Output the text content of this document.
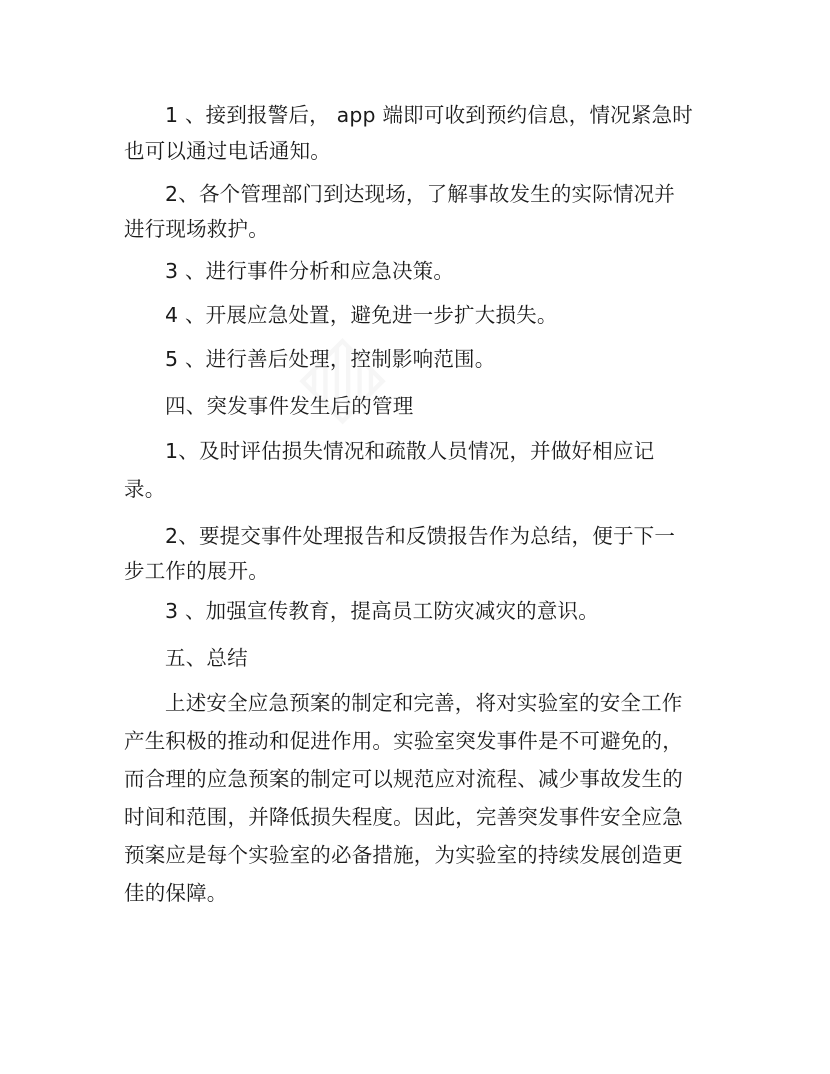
1 、接到报警后， app 端即可收到预约信息，情况紧急时
也可以通过电话通知。
2、各个管理部门到达现场，了解事故发生的实际情况并
进行现场救护。
3 、进行事件分析和应急决策。
4 、开展应急处置，避免进一步扩大损失。
5 、进行善后处理，控制影响范围。
四、突发事件发生后的管理
1、及时评估损失情况和疏散人员情况，并做好相应记
录。
2、要提交事件处理报告和反馈报告作为总结，便于下一
步工作的展开。
3 、加强宣传教育，提高员工防灾减灾的意识。
五、总结
上述安全应急预案的制定和完善，将对实验室的安全工作
产生积极的推动和促进作用。实验室突发事件是不可避免的，
而合理的应急预案的制定可以规范应对流程、减少事故发生的
时间和范围，并降低损失程度。因此，完善突发事件安全应急
预案应是每个实验室的必备措施，为实验室的持续发展创造更
佳的保障。
